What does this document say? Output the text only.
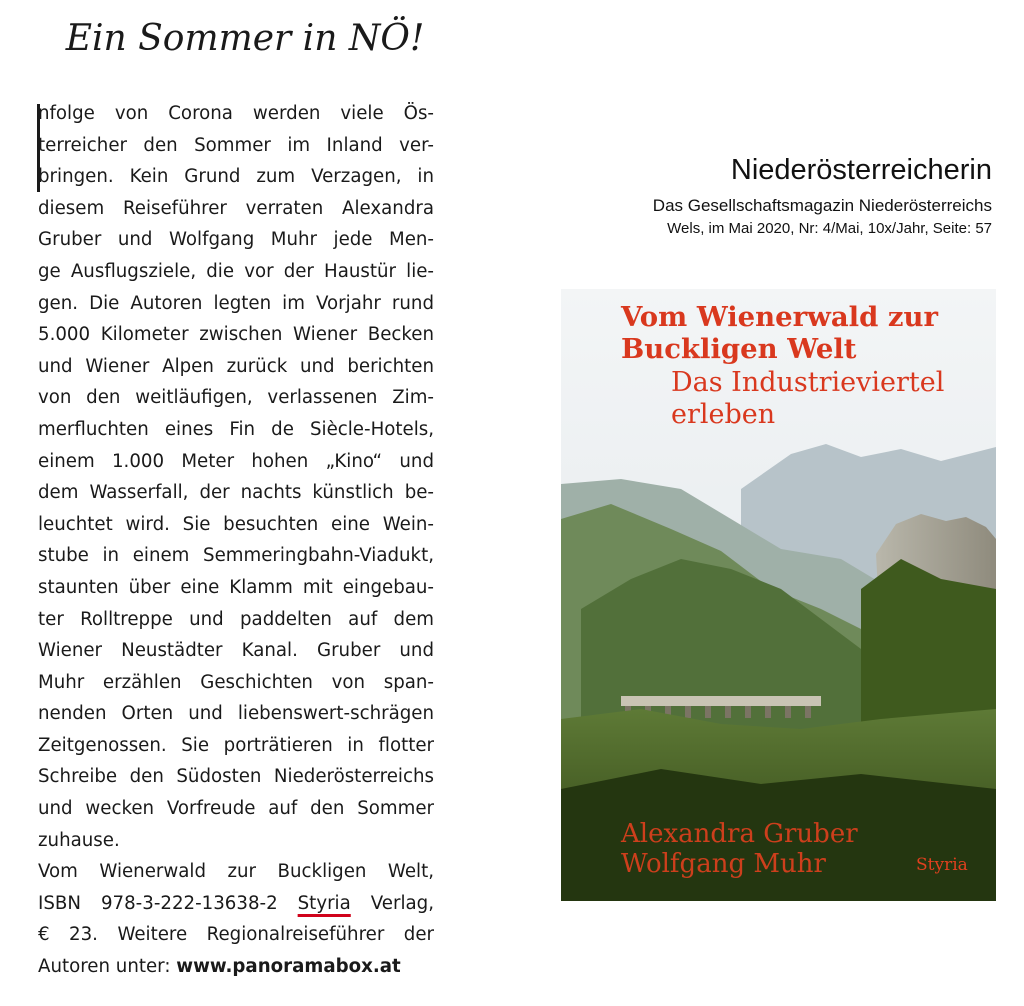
Ein Sommer in NÖ!
nfolge von Corona werden viele Ös-
terreicher den Sommer im Inland ver-
bringen. Kein Grund zum Verzagen, in
diesem Reiseführer verraten Alexandra
Gruber und Wolfgang Muhr jede Men-
ge Ausflugsziele, die vor der Haustür lie-
gen. Die Autoren legten im Vorjahr rund
5.000 Kilometer zwischen Wiener Becken
und Wiener Alpen zurück und berichten
von den weitläufigen, verlassenen Zim-
merfluchten eines Fin de Siècle-Hotels,
einem 1.000 Meter hohen „Kino“ und
dem Wasserfall, der nachts künstlich be-
leuchtet wird. Sie besuchten eine Wein-
stube in einem Semmeringbahn-Viadukt,
staunten über eine Klamm mit eingebau-
ter Rolltreppe und paddelten auf dem
Wiener Neustädter Kanal. Gruber und
Muhr erzählen Geschichten von span-
nenden Orten und liebenswert-schrägen
Zeitgenossen. Sie porträtieren in flotter
Schreibe den Südosten Niederösterreichs
und wecken Vorfreude auf den Sommer
zuhause.
Vom Wienerwald zur Buckligen Welt,
ISBN 978-3-222-13638-2 Styria Verlag,
€ 23. Weitere Regionalreiseführer der
Autoren unter: www.panoramabox.at
Niederösterreicherin
Das Gesellschaftsmagazin Niederösterreichs
Wels, im Mai 2020, Nr: 4/Mai, 10x/Jahr, Seite: 57
Vom Wienerwald zur
Buckligen Welt
Das Industrieviertel
erleben
Alexandra Gruber
Wolfgang Muhr	Styria
